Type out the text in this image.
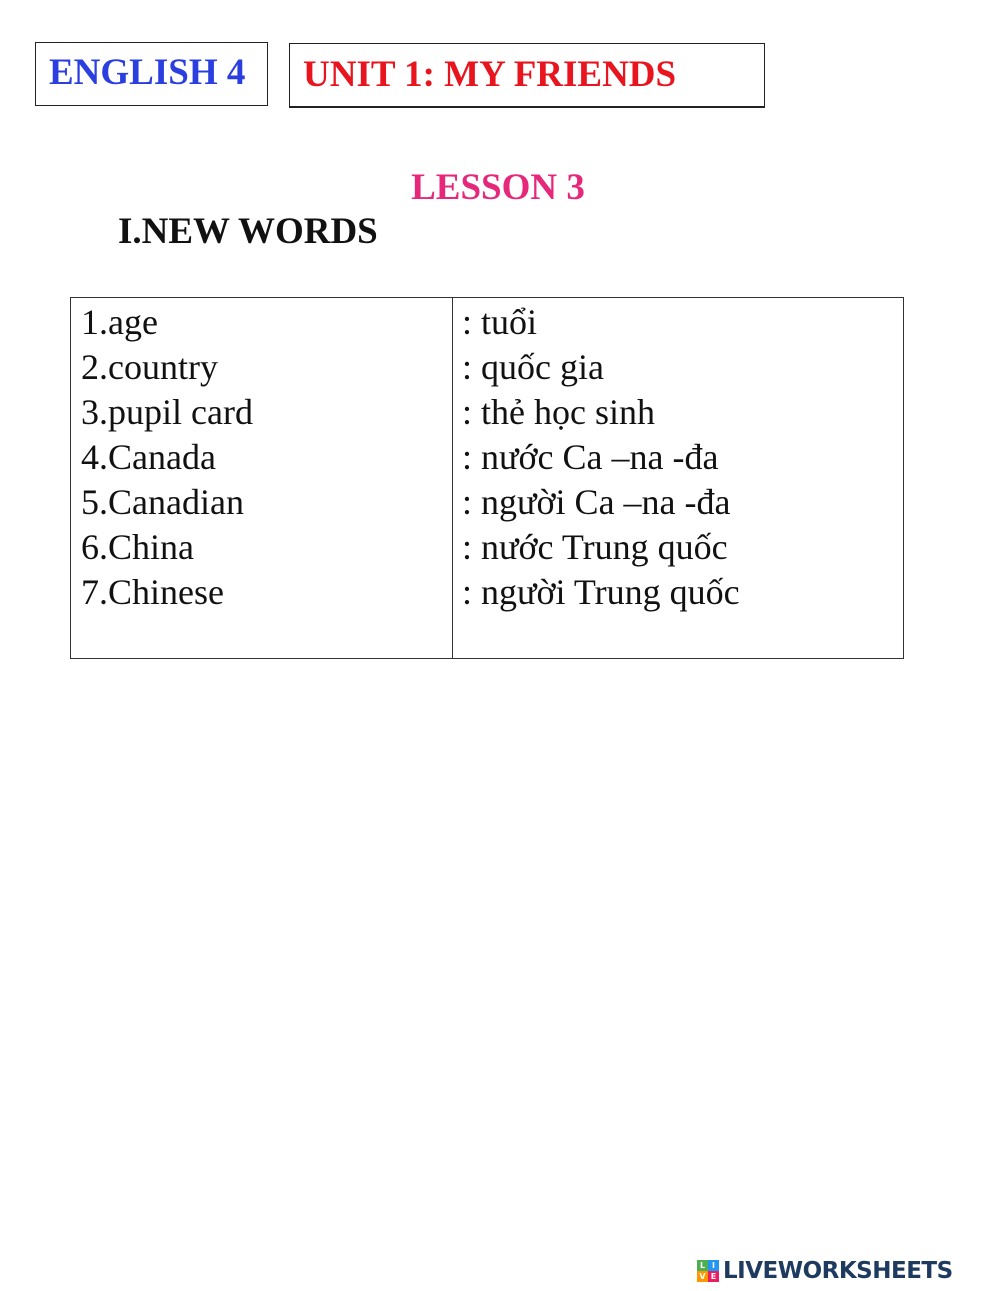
ENGLISH 4	UNIT 1: MY FRIENDS
LESSON 3
I.NEW WORDS
1.age
2.country
3.pupil card
4.Canada
5.Canadian
6.China
7.Chinese
: tuổi
: quốc gia
: thẻ học sinh
: nước Ca –na -đa
: người Ca –na -đa
: nước Trung quốc
: người Trung quốc
L I
V E LIVEWORKSHEETS
